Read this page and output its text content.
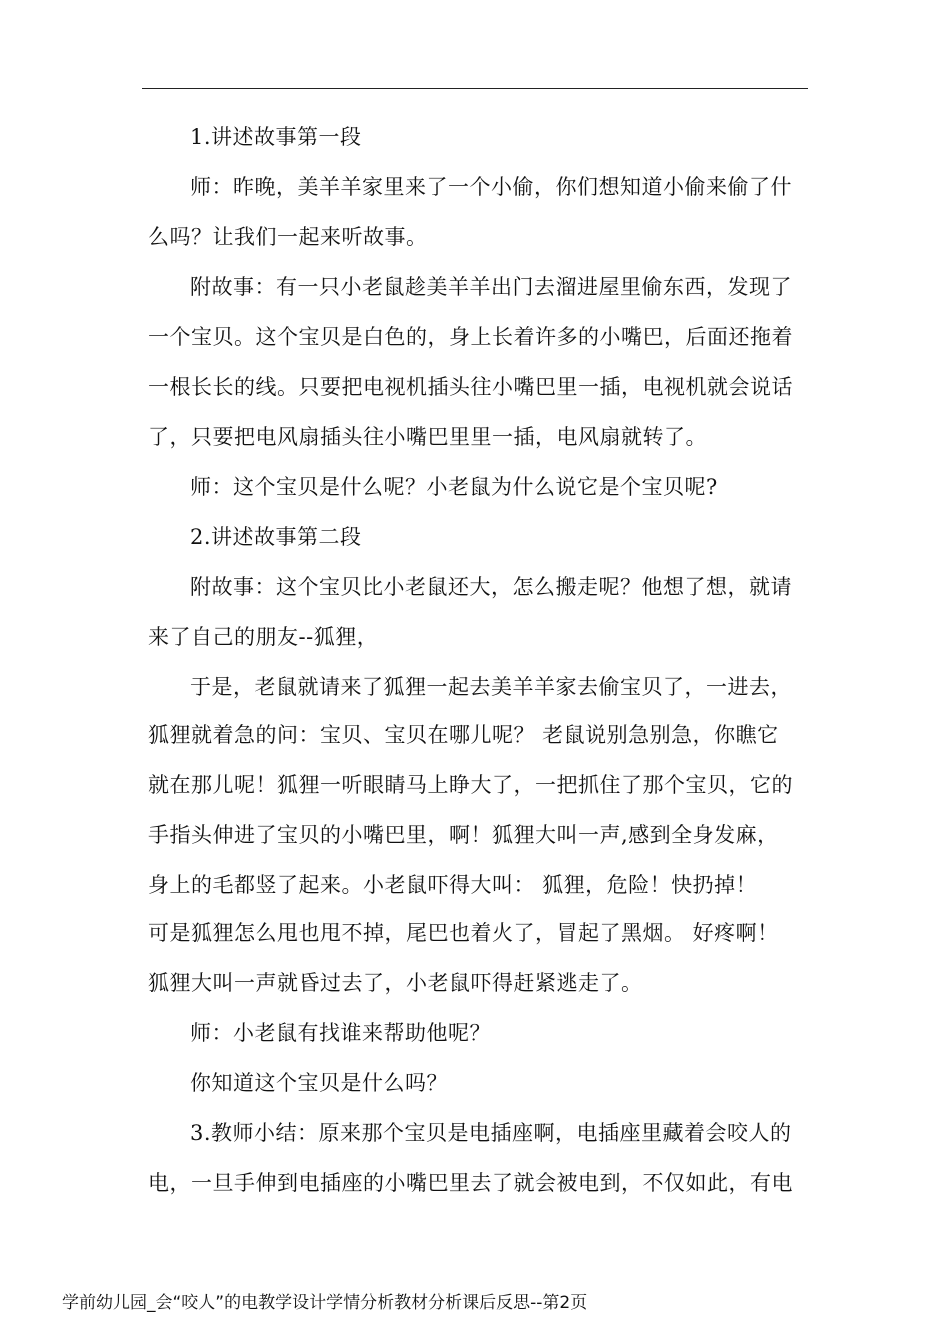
1.讲述故事第一段
师：昨晚，美羊羊家里来了一个小偷，你们想知道小偷来偷了什
么吗？让我们一起来听故事。
附故事：有一只小老鼠趁美羊羊出门去溜进屋里偷东西，发现了
一个宝贝。这个宝贝是白色的，身上长着许多的小嘴巴，后面还拖着
一根长长的线。只要把电视机插头往小嘴巴里一插，电视机就会说话
了，只要把电风扇插头往小嘴巴里里一插，电风扇就转了。
师：这个宝贝是什么呢？小老鼠为什么说它是个宝贝呢?
2.讲述故事第二段
附故事：这个宝贝比小老鼠还大，怎么搬走呢？他想了想，就请
来了自己的朋友--狐狸，
于是，老鼠就请来了狐狸一起去美羊羊家去偷宝贝了，一进去，
狐狸就着急的问：宝贝、宝贝在哪儿呢？ 老鼠说别急别急，你瞧它
就在那儿呢！狐狸一听眼睛马上睁大了，一把抓住了那个宝贝，它的
手指头伸进了宝贝的小嘴巴里，啊！狐狸大叫一声,感到全身发麻，
身上的毛都竖了起来。小老鼠吓得大叫： 狐狸，危险！快扔掉！
可是狐狸怎么甩也甩不掉，尾巴也着火了，冒起了黑烟。 好疼啊！
狐狸大叫一声就昏过去了，小老鼠吓得赶紧逃走了。
师：小老鼠有找谁来帮助他呢？
你知道这个宝贝是什么吗？
3.教师小结：原来那个宝贝是电插座啊，电插座里藏着会咬人的
电，一旦手伸到电插座的小嘴巴里去了就会被电到，不仅如此，有电
学前幼儿园_会“咬人”的电教学设计学情分析教材分析课后反思--第2页
